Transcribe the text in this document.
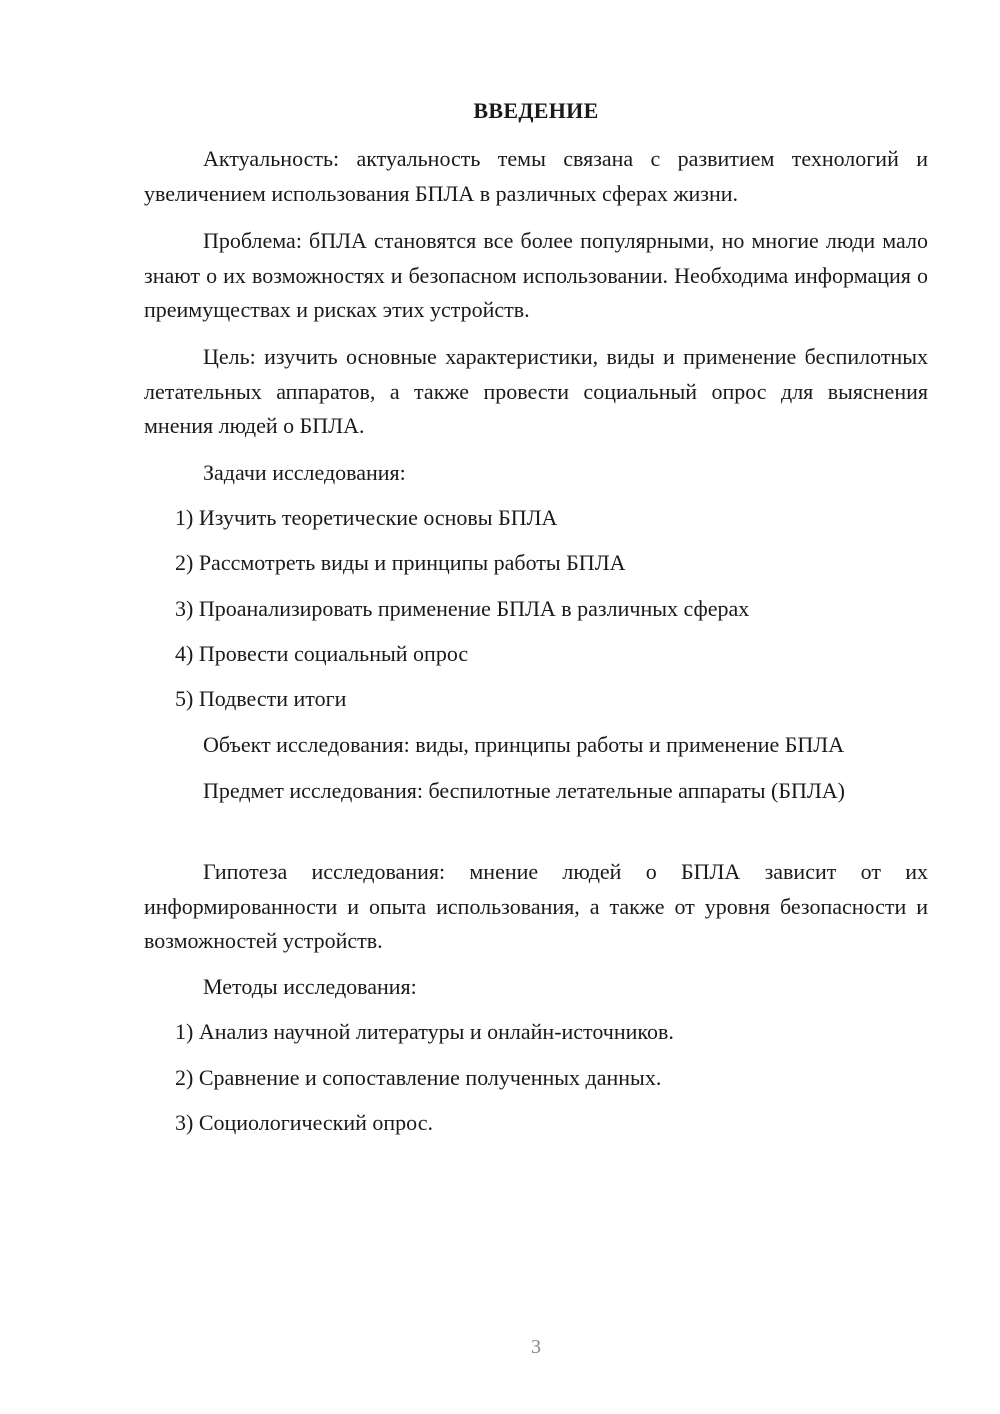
ВВЕДЕНИЕ

Актуальность: актуальность темы связана с развитием технологий и увеличением использования БПЛА в различных сферах жизни.

Проблема: бПЛА становятся все более популярными, но многие люди мало знают о их возможностях и безопасном использовании. Необходима информация о преимуществах и рисках этих устройств.

Цель: изучить основные характеристики, виды и применение беспилотных летательных аппаратов, а также провести социальный опрос для выяснения мнения людей о БПЛА.

Задачи исследования:

1) Изучить теоретические основы БПЛА

2) Рассмотреть виды и принципы работы БПЛА

3) Проанализировать применение БПЛА в различных сферах

4) Провести социальный опрос

5) Подвести итоги

Объект исследования: виды, принципы работы и применение БПЛА

Предмет исследования: беспилотные летательные аппараты (БПЛА)

Гипотеза исследования: мнение людей о БПЛА зависит от их информированности и опыта использования, а также от уровня безопасности и возможностей устройств.

Методы исследования:

1) Анализ научной литературы и онлайн-источников.

2) Сравнение и сопоставление полученных данных.

3) Социологический опрос.

3
